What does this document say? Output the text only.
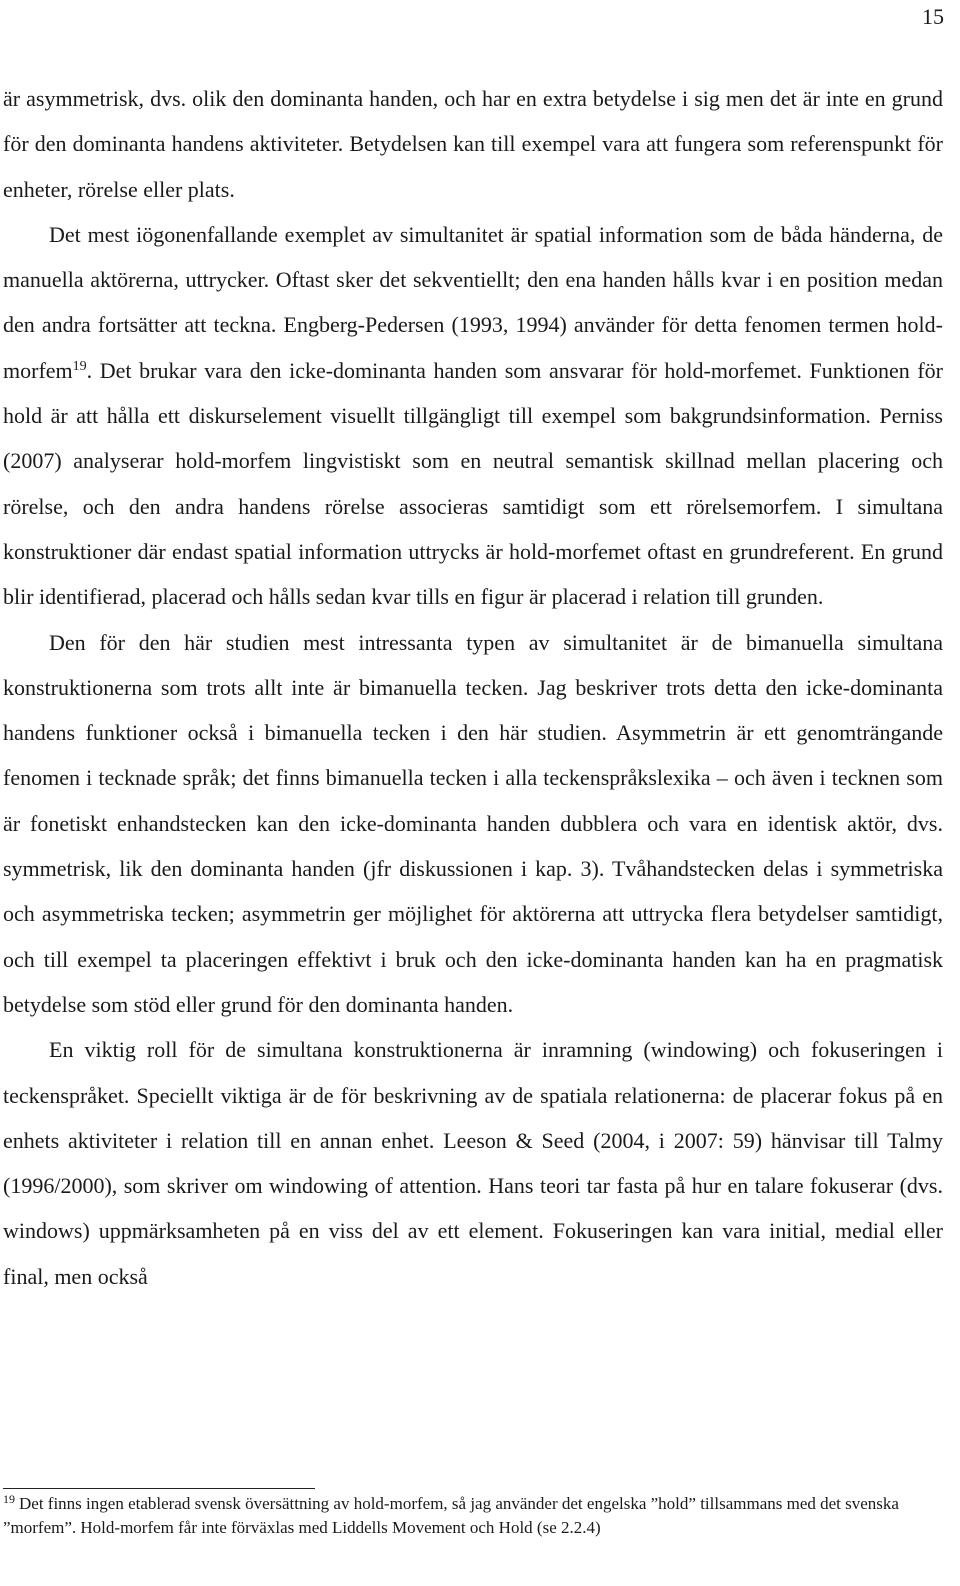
15

är asymmetrisk, dvs. olik den dominanta handen, och har en extra betydelse i sig men det är inte en grund för den dominanta handens aktiviteter. Betydelsen kan till exempel vara att fungera som referenspunkt för enheter, rörelse eller plats.

Det mest iögonenfallande exemplet av simultanitet är spatial information som de båda händerna, de manuella aktörerna, uttrycker. Oftast sker det sekventiellt; den ena handen hålls kvar i en position medan den andra fortsätter att teckna. Engberg-Pedersen (1993, 1994) använder för detta fenomen termen hold-morfem$^{19}$. Det brukar vara den icke-dominanta handen som ansvarar för hold-morfemet. Funktionen för hold är att hålla ett diskurselement visuellt tillgängligt till exempel som bakgrundsinformation. Perniss (2007) analyserar hold-morfem lingvistiskt som en neutral semantisk skillnad mellan placering och rörelse, och den andra handens rörelse associeras samtidigt som ett rörelsemorfem. I simultana konstruktioner där endast spatial information uttrycks är hold-morfemet oftast en grundreferent. En grund blir identifierad, placerad och hålls sedan kvar tills en figur är placerad i relation till grunden.

Den för den här studien mest intressanta typen av simultanitet är de bimanuella simultana konstruktionerna som trots allt inte är bimanuella tecken. Jag beskriver trots detta den icke-dominanta handens funktioner också i bimanuella tecken i den här studien. Asymmetrin är ett genomträngande fenomen i tecknade språk; det finns bimanuella tecken i alla teckenspråkslexika – och även i tecknen som är fonetiskt enhandstecken kan den icke-dominanta handen dubblera och vara en identisk aktör, dvs. symmetrisk, lik den dominanta handen (jfr diskussionen i kap. 3). Tvåhandstecken delas i symmetriska och asymmetriska tecken; asymmetrin ger möjlighet för aktörerna att uttrycka flera betydelser samtidigt, och till exempel ta placeringen effektivt i bruk och den icke-dominanta handen kan ha en pragmatisk betydelse som stöd eller grund för den dominanta handen.

En viktig roll för de simultana konstruktionerna är inramning (windowing) och fokuseringen i teckenspråket. Speciellt viktiga är de för beskrivning av de spatiala relationerna: de placerar fokus på en enhets aktiviteter i relation till en annan enhet. Leeson & Seed (2004, i 2007: 59) hänvisar till Talmy (1996/2000), som skriver om windowing of attention. Hans teori tar fasta på hur en talare fokuserar (dvs. windows) uppmärksamheten på en viss del av ett element. Fokuseringen kan vara initial, medial eller final, men också

$^{19}$ Det finns ingen etablerad svensk översättning av hold-morfem, så jag använder det engelska ”hold” tillsammans med det svenska ”morfem”. Hold-morfem får inte förväxlas med Liddells Movement och Hold (se 2.2.4)
